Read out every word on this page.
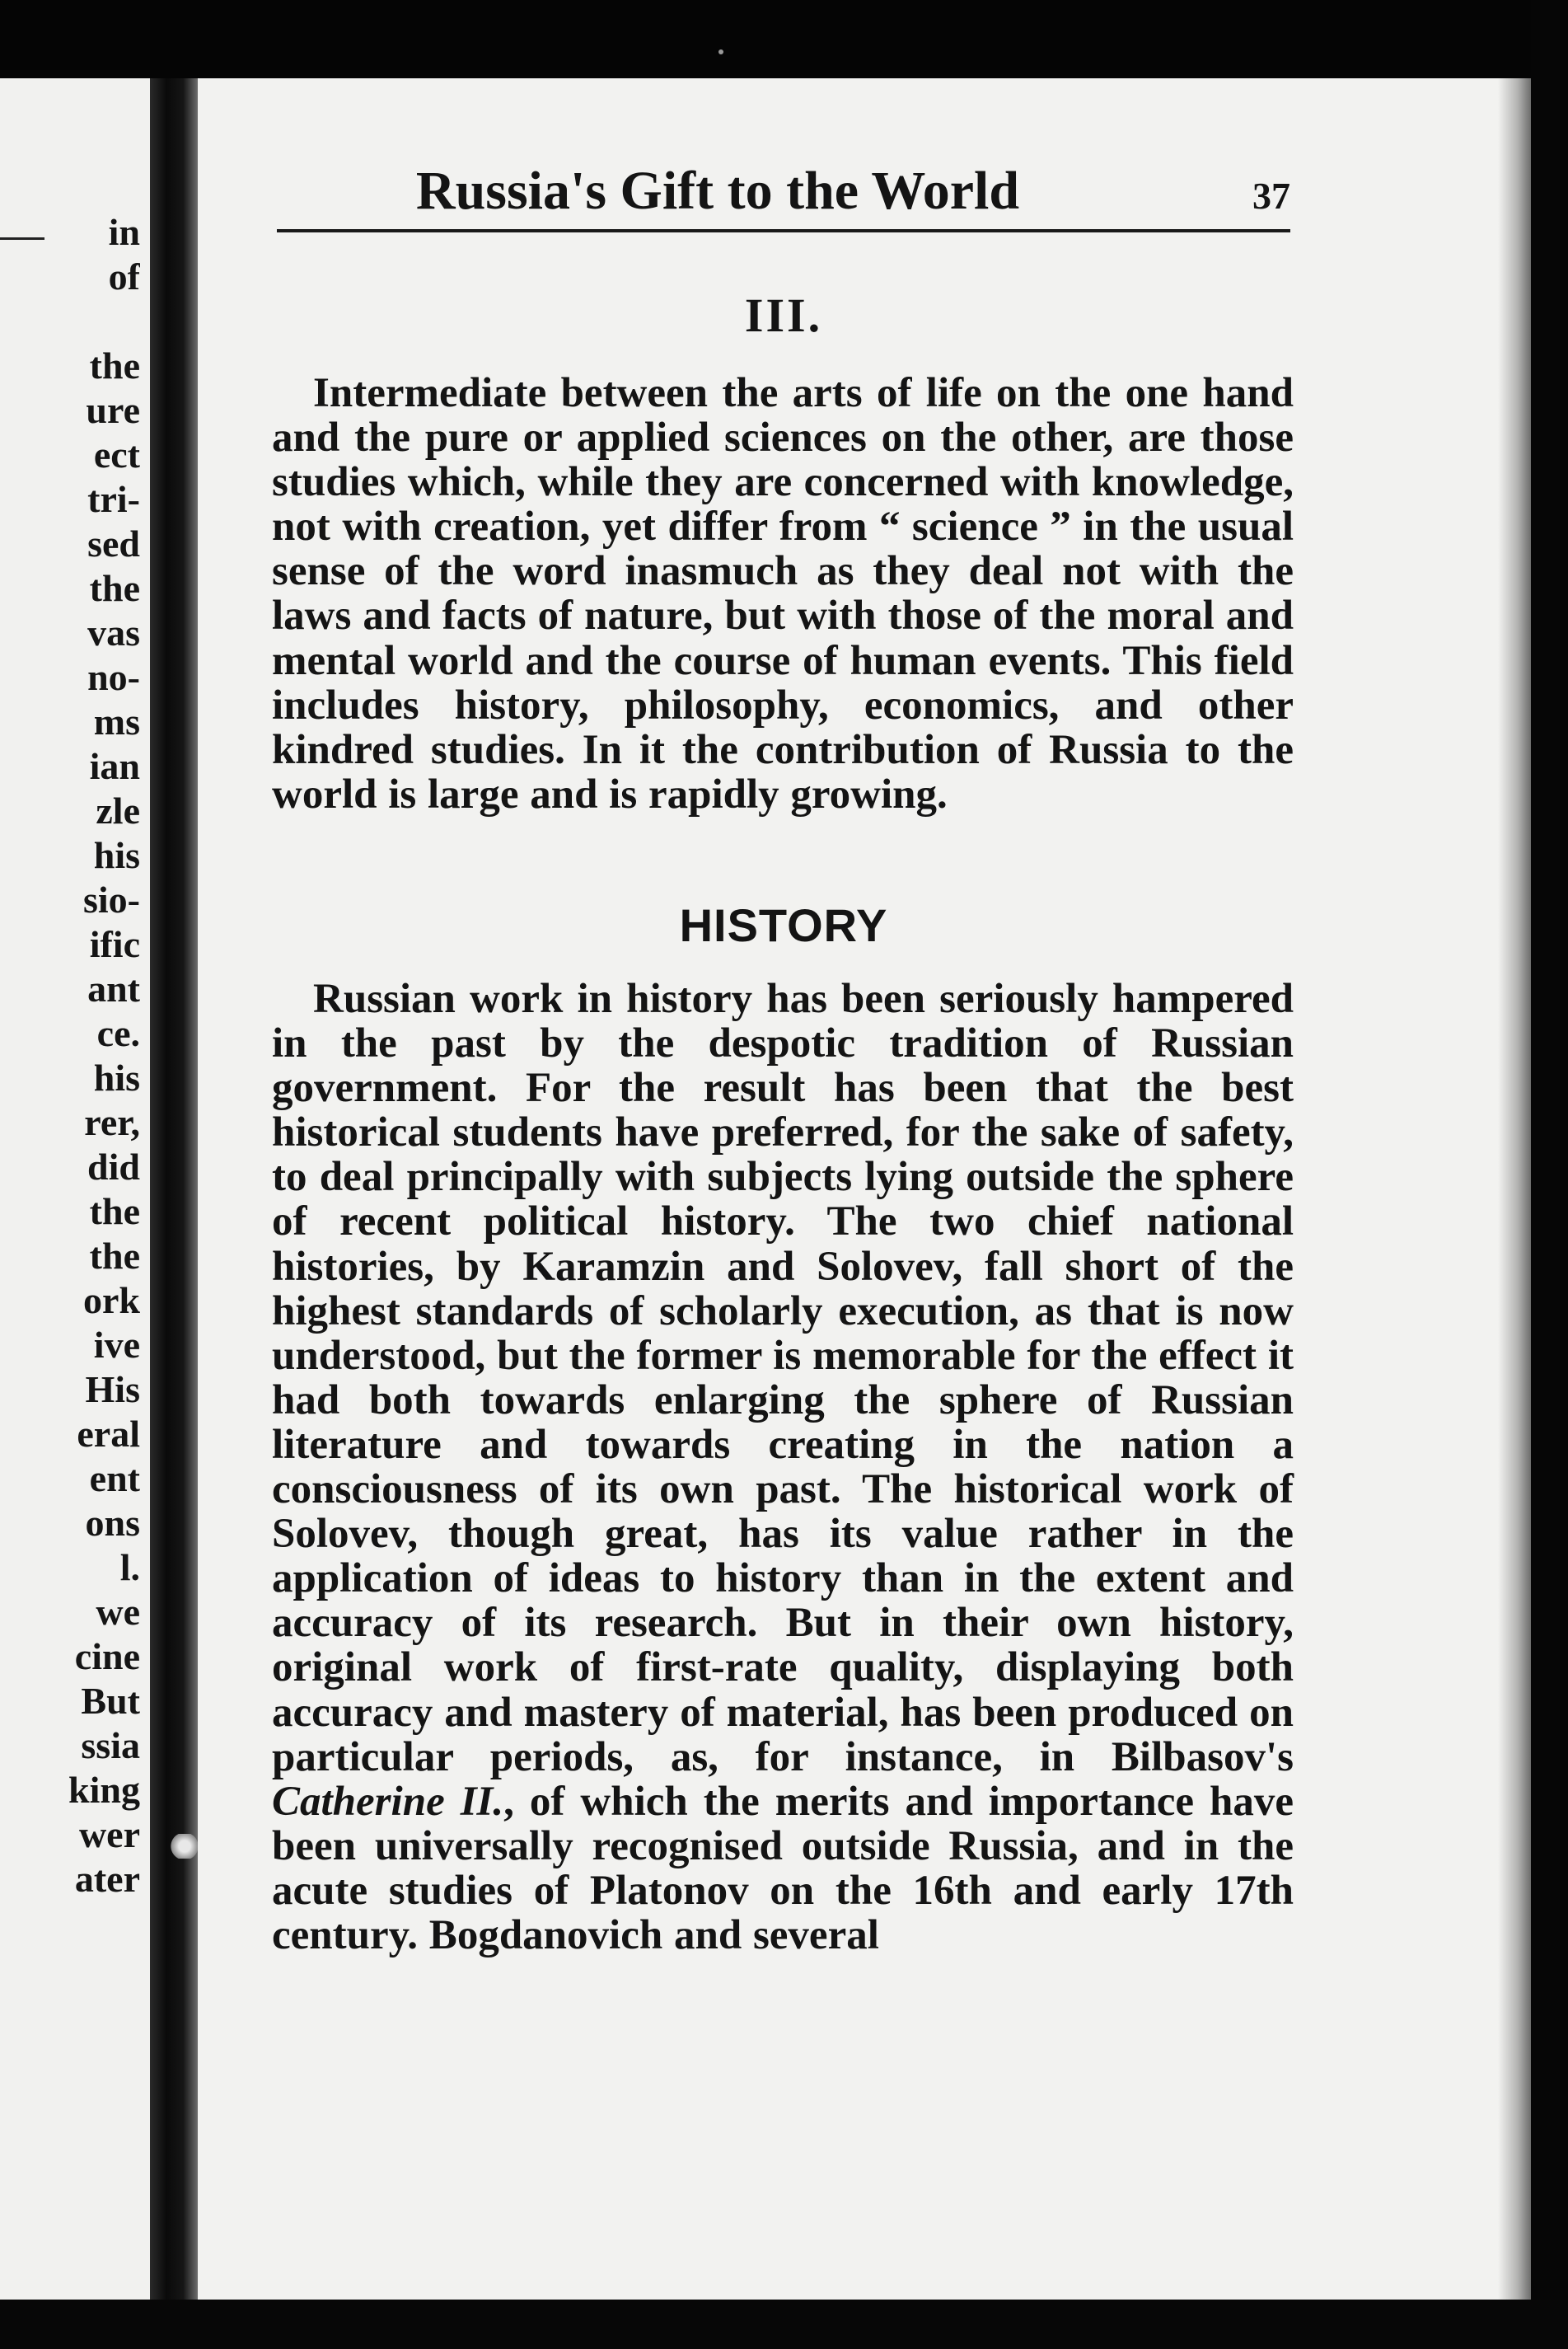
in
of

the
ure
ect
tri-
sed
the
vas
no-
ms
ian
zle
his
sio-
ific
ant
ce.
his
rer,
did
the
the
ork
ive
His
eral
ent
ons
l.
we
cine
But
ssia
king
wer
ater
Russia's Gift to the World	37
III.

Intermediate between the arts of life on the one hand and the pure or applied sciences on the other, are those studies which, while they are concerned with knowledge, not with creation, yet differ from “ science ” in the usual sense of the word inasmuch as they deal not with the laws and facts of nature, but with those of the moral and mental world and the course of human events. This field includes history, philosophy, economics, and other kindred studies. In it the contribution of Russia to the world is large and is rapidly growing.

HISTORY

Russian work in history has been seriously hampered in the past by the despotic tradition of Russian government. For the result has been that the best historical students have preferred, for the sake of safety, to deal principally with subjects lying outside the sphere of recent political history. The two chief national histories, by Karamzin and Solovev, fall short of the highest standards of scholarly execution, as that is now understood, but the former is memorable for the effect it had both towards enlarging the sphere of Russian literature and towards creating in the nation a consciousness of its own past. The historical work of Solovev, though great, has its value rather in the application of ideas to history than in the extent and accuracy of its research. But in their own history, original work of first-rate quality, displaying both accuracy and mastery of material, has been produced on particular periods, as, for instance, in Bilbasov's Catherine II., of which the merits and importance have been universally recognised outside Russia, and in the acute studies of Platonov on the 16th and early 17th century. Bogdanovich and several
